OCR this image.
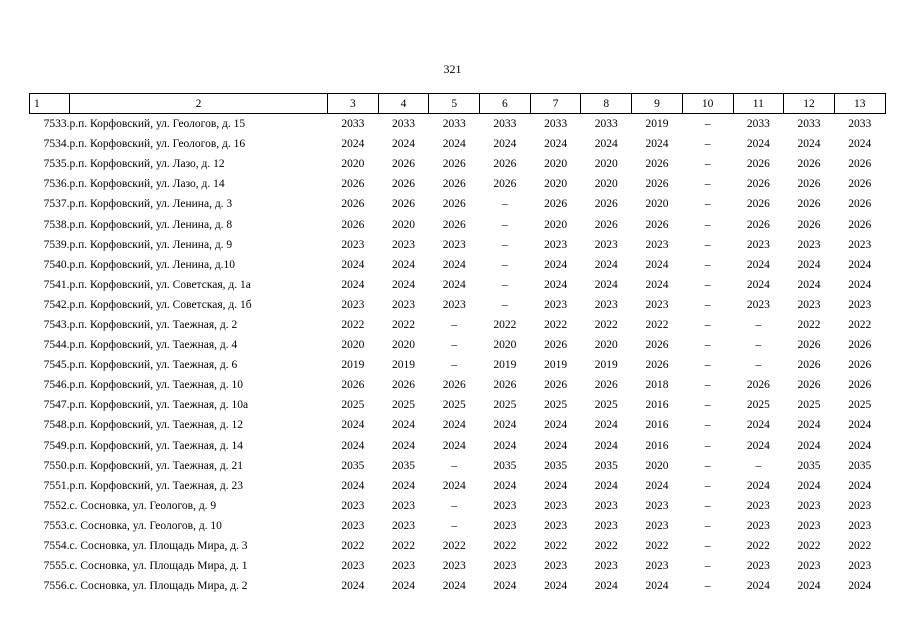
321
1	2	3	4	5	6	7	8	9	10	11	12	13
7533.	р.п. Корфовский, ул. Геологов, д. 15	2033	2033	2033	2033	2033	2033	2019	–	2033	2033	2033
7534.	р.п. Корфовский, ул. Геологов, д. 16	2024	2024	2024	2024	2024	2024	2024	–	2024	2024	2024
7535.	р.п. Корфовский, ул. Лазо, д. 12	2020	2026	2026	2026	2020	2020	2026	–	2026	2026	2026
7536.	р.п. Корфовский, ул. Лазо, д. 14	2026	2026	2026	2026	2020	2020	2026	–	2026	2026	2026
7537.	р.п. Корфовский, ул. Ленина, д. 3	2026	2026	2026	–	2026	2026	2020	–	2026	2026	2026
7538.	р.п. Корфовский, ул. Ленина, д. 8	2026	2020	2026	–	2020	2026	2026	–	2026	2026	2026
7539.	р.п. Корфовский, ул. Ленина, д. 9	2023	2023	2023	–	2023	2023	2023	–	2023	2023	2023
7540.	р.п. Корфовский, ул. Ленина, д.10	2024	2024	2024	–	2024	2024	2024	–	2024	2024	2024
7541.	р.п. Корфовский, ул. Советская, д. 1а	2024	2024	2024	–	2024	2024	2024	–	2024	2024	2024
7542.	р.п. Корфовский, ул. Советская, д. 1б	2023	2023	2023	–	2023	2023	2023	–	2023	2023	2023
7543.	р.п. Корфовский, ул. Таежная, д. 2	2022	2022	–	2022	2022	2022	2022	–	–	2022	2022
7544.	р.п. Корфовский, ул. Таежная, д. 4	2020	2020	–	2020	2026	2020	2026	–	–	2026	2026
7545.	р.п. Корфовский, ул. Таежная, д. 6	2019	2019	–	2019	2019	2019	2026	–	–	2026	2026
7546.	р.п. Корфовский, ул. Таежная, д. 10	2026	2026	2026	2026	2026	2026	2018	–	2026	2026	2026
7547.	р.п. Корфовский, ул. Таежная, д. 10а	2025	2025	2025	2025	2025	2025	2016	–	2025	2025	2025
7548.	р.п. Корфовский, ул. Таежная, д. 12	2024	2024	2024	2024	2024	2024	2016	–	2024	2024	2024
7549.	р.п. Корфовский, ул. Таежная, д. 14	2024	2024	2024	2024	2024	2024	2016	–	2024	2024	2024
7550.	р.п. Корфовский, ул. Таежная, д. 21	2035	2035	–	2035	2035	2035	2020	–	–	2035	2035
7551.	р.п. Корфовский, ул. Таежная, д. 23	2024	2024	2024	2024	2024	2024	2024	–	2024	2024	2024
7552.	с. Сосновка, ул. Геологов, д. 9	2023	2023	–	2023	2023	2023	2023	–	2023	2023	2023
7553.	с. Сосновка, ул. Геологов, д. 10	2023	2023	–	2023	2023	2023	2023	–	2023	2023	2023
7554.	с. Сосновка, ул. Площадь Мира, д. 3	2022	2022	2022	2022	2022	2022	2022	–	2022	2022	2022
7555.	с. Сосновка, ул. Площадь Мира, д. 1	2023	2023	2023	2023	2023	2023	2023	–	2023	2023	2023
7556.	с. Сосновка, ул. Площадь Мира, д. 2	2024	2024	2024	2024	2024	2024	2024	–	2024	2024	2024
